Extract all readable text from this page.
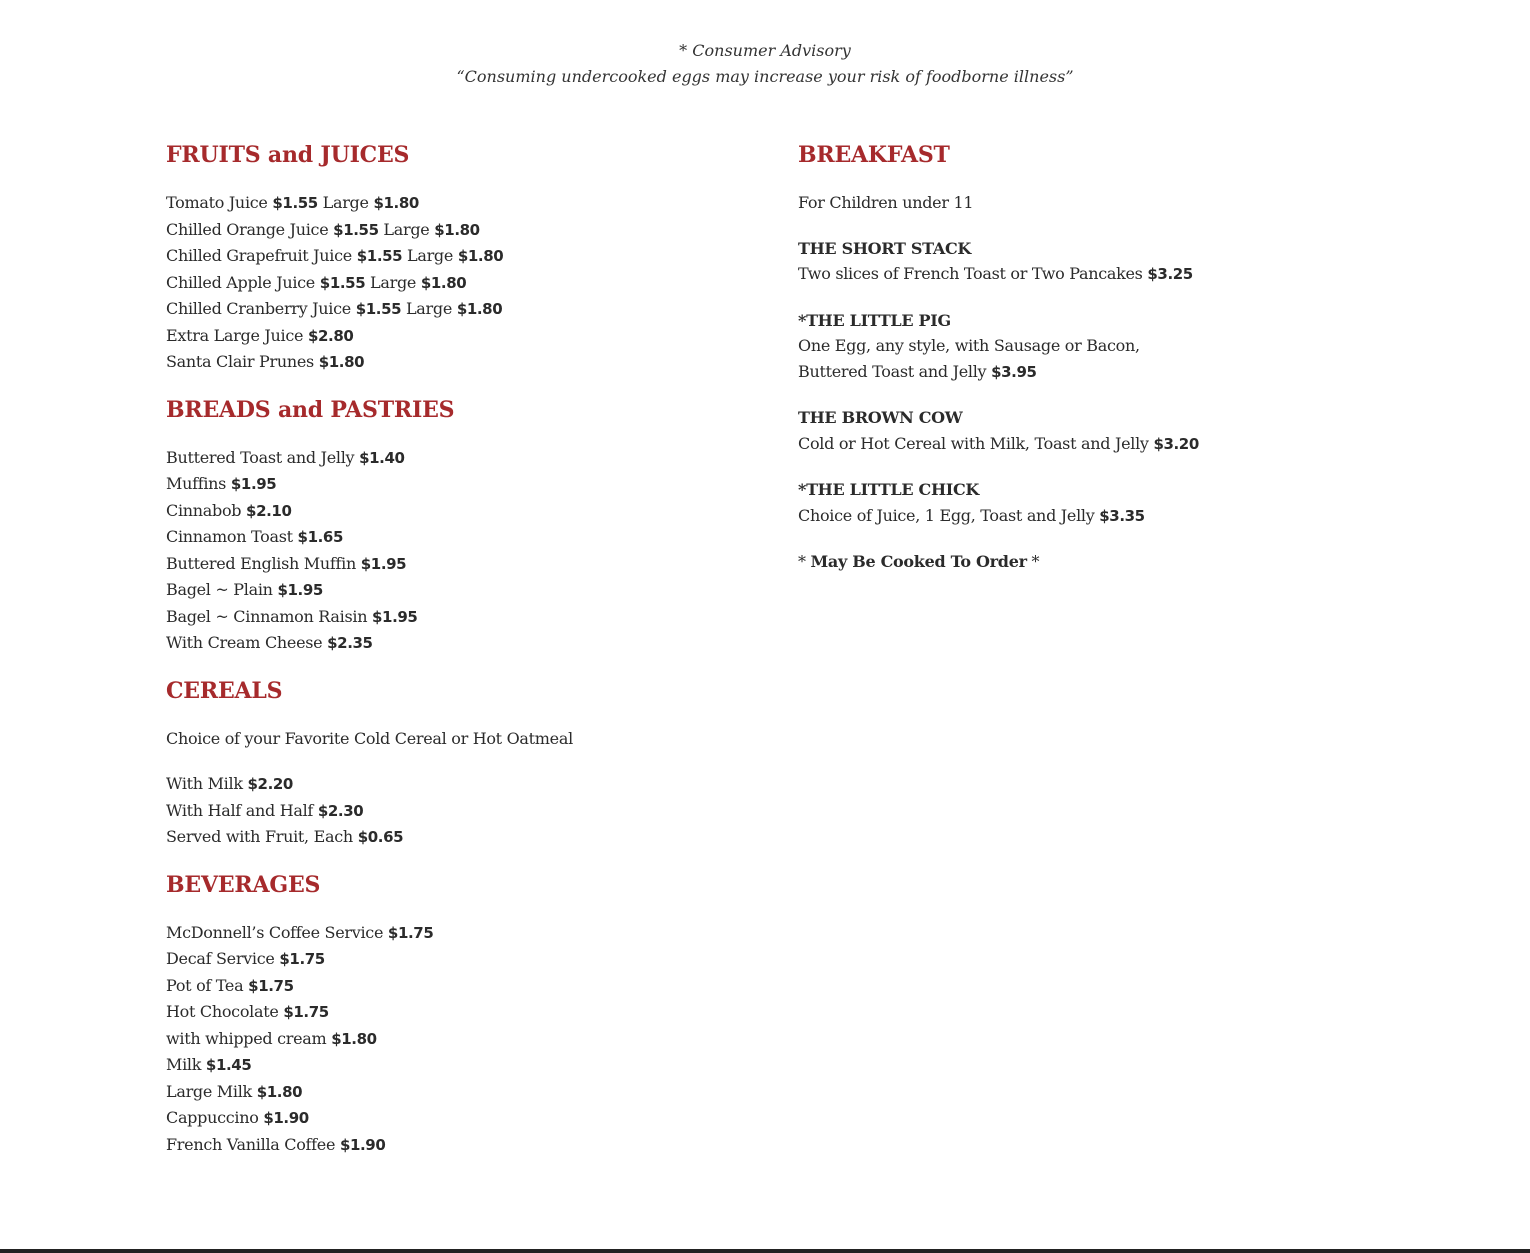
* Consumer Advisory
“Consuming undercooked eggs may increase your risk of foodborne illness”
FRUITS and JUICES
Tomato Juice $1.55 Large $1.80
Chilled Orange Juice $1.55 Large $1.80
Chilled Grapefruit Juice $1.55 Large $1.80
Chilled Apple Juice $1.55 Large $1.80
Chilled Cranberry Juice $1.55 Large $1.80
Extra Large Juice $2.80
Santa Clair Prunes $1.80
BREADS and PASTRIES
Buttered Toast and Jelly $1.40
Muffins $1.95
Cinnabob $2.10
Cinnamon Toast $1.65
Buttered English Muffin $1.95
Bagel ~ Plain $1.95
Bagel ~ Cinnamon Raisin $1.95
With Cream Cheese $2.35
CEREALS
Choice of your Favorite Cold Cereal or Hot Oatmeal
With Milk $2.20
With Half and Half $2.30
Served with Fruit, Each $0.65
BEVERAGES
McDonnell’s Coffee Service $1.75
Decaf Service $1.75
Pot of Tea $1.75
Hot Chocolate $1.75
with whipped cream $1.80
Milk $1.45
Large Milk $1.80
Cappuccino $1.90
French Vanilla Coffee $1.90
BREAKFAST
For Children under 11
THE SHORT STACK
Two slices of French Toast or Two Pancakes $3.25
*THE LITTLE PIG
One Egg, any style, with Sausage or Bacon,
Buttered Toast and Jelly $3.95
THE BROWN COW
Cold or Hot Cereal with Milk, Toast and Jelly $3.20
*THE LITTLE CHICK
Choice of Juice, 1 Egg, Toast and Jelly $3.35
* May Be Cooked To Order *
